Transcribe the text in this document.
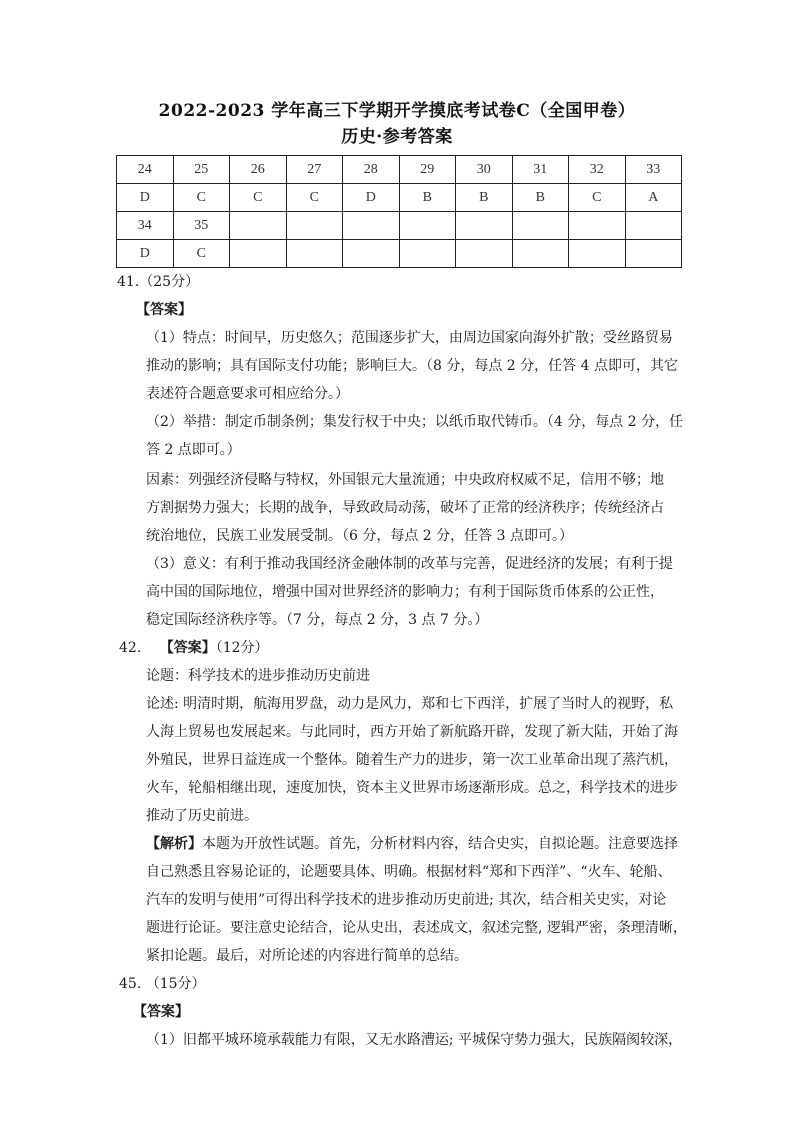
2022-2023 学年高三下学期开学摸底考试卷C（全国甲卷）
历史·参考答案
24	25	26	27	28	29	30	31	32	33
D	C	C	C	D	B	B	B	C	A
34	35								
D	C								
41.（25分）
【答案】
（1）特点：时间早，历史悠久；范围逐步扩大，由周边国家向海外扩散；受丝路贸易
推动的影响；具有国际支付功能；影响巨大。（8 分，每点 2 分，任答 4 点即可，其它
表述符合题意要求可相应给分。）
（2）举措：制定币制条例；集发行权于中央；以纸币取代铸币。（4 分，每点 2 分，任
答 2 点即可。）
因素：列强经济侵略与特权，外国银元大量流通；中央政府权威不足，信用不够；地
方割据势力强大；长期的战争，导致政局动荡，破坏了正常的经济秩序；传统经济占
统治地位，民族工业发展受制。（6 分，每点 2 分，任答 3 点即可。）
（3）意义：有利于推动我国经济金融体制的改革与完善，促进经济的发展；有利于提
高中国的国际地位，增强中国对世界经济的影响力；有利于国际货币体系的公正性，
稳定国际经济秩序等。（7 分，每点 2 分，3 点 7 分。）
42. 【答案】（12分）
论题：科学技术的进步推动历史前进
论述: 明清时期，航海用罗盘，动力是风力，郑和七下西洋，扩展了当时人的视野，私
人海上贸易也发展起来。与此同时，西方开始了新航路开辟，发现了新大陆，开始了海
外殖民，世界日益连成一个整体。随着生产力的进步，第一次工业革命出现了蒸汽机，
火车，轮船相继出现，速度加快，资本主义世界市场逐渐形成。总之，科学技术的进步
推动了历史前进。
【解析】本题为开放性试题。首先，分析材料内容，结合史实，自拟论题。注意要选择
自己熟悉且容易论证的，论题要具体、明确。根据材料“郑和下西洋”、“火车、轮船、
汽车的发明与使用”可得出科学技术的进步推动历史前进; 其次，结合相关史实，对论
题进行论证。要注意史论结合，论从史出，表述成文，叙述完整, 逻辑严密，条理清晰，
紧扣论题。最后，对所论述的内容进行简单的总结。
45. （15分）
【答案】
（1）旧都平城环境承载能力有限，又无水路漕运; 平城保守势力强大，民族隔阂较深，
